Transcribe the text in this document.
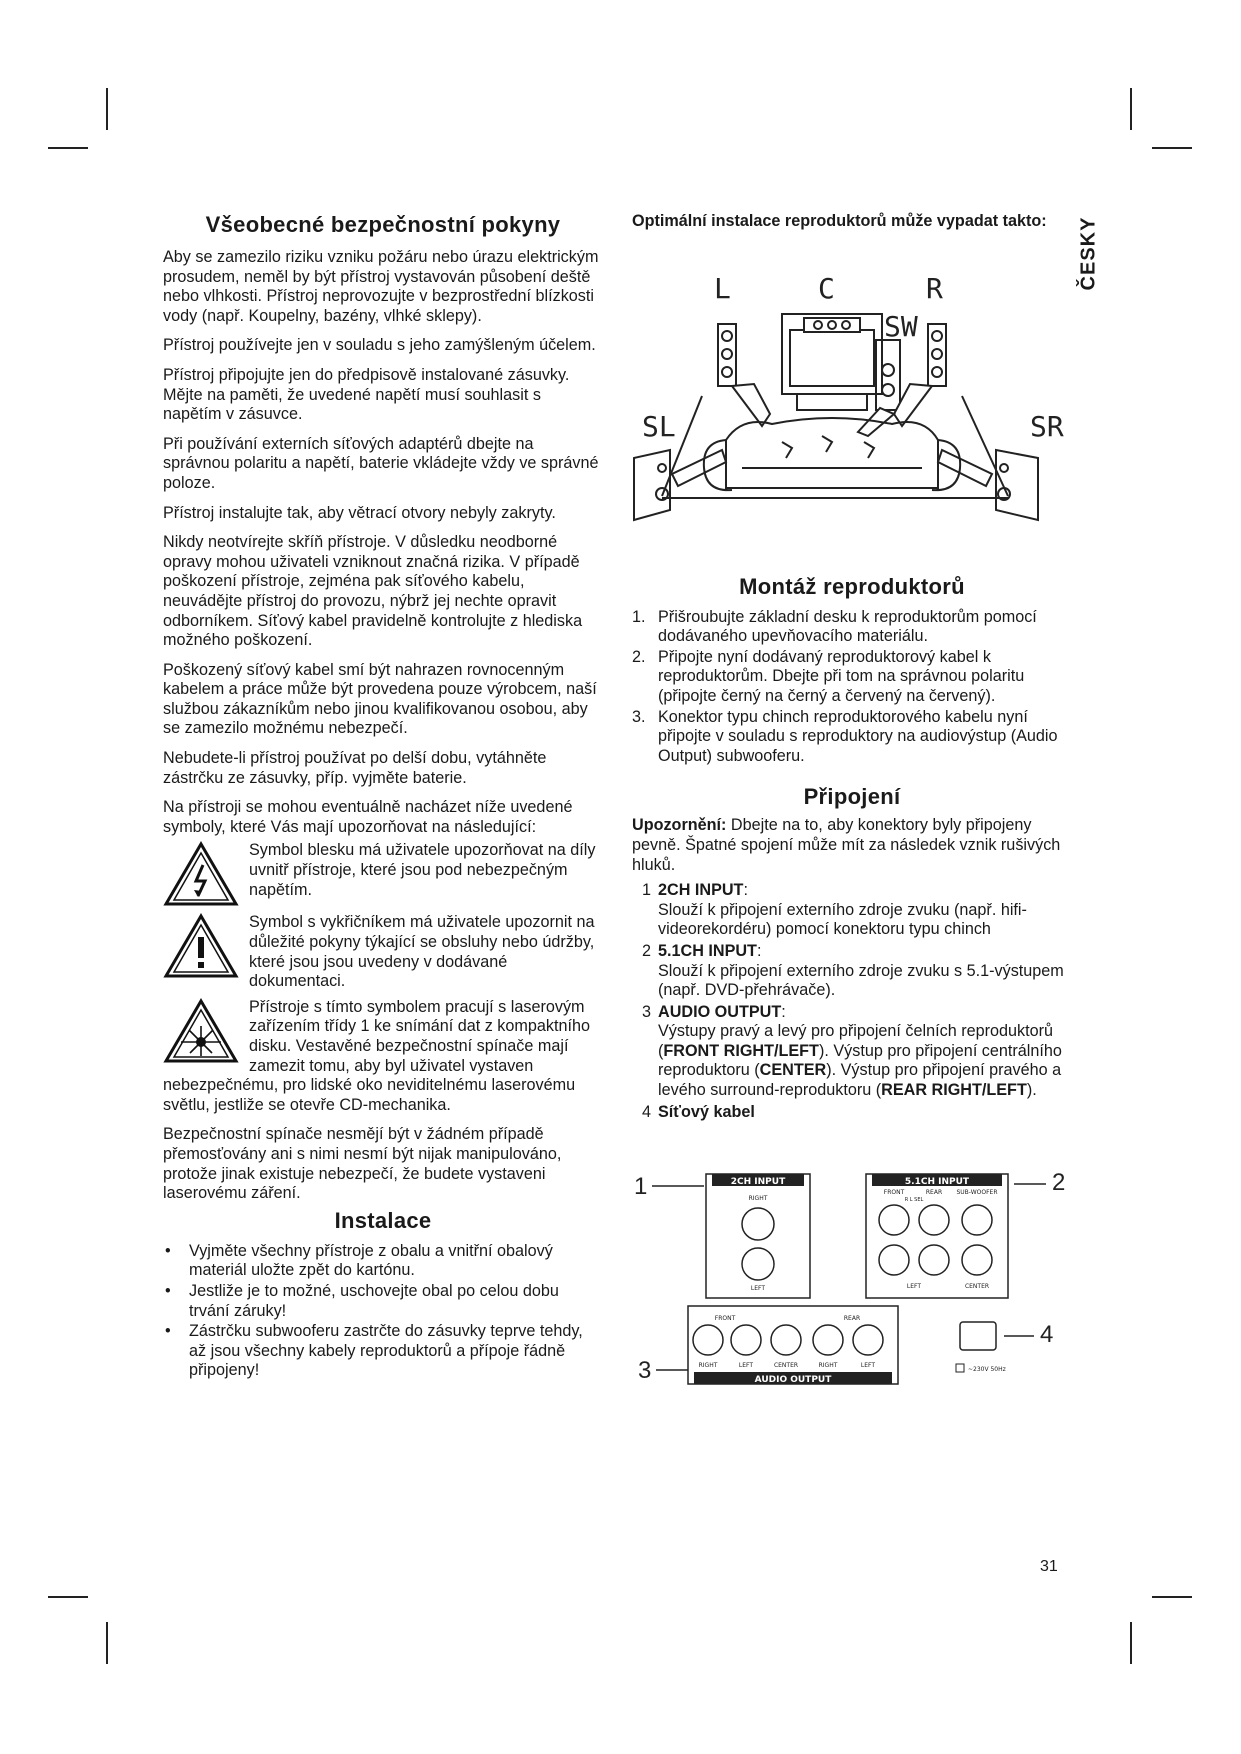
ČESKY
Všeobecné bezpečnostní pokyny

Aby se zamezilo riziku vzniku požáru nebo úrazu elektrickým prosudem, neměl by být přístroj vystavován působení deště nebo vlhkosti. Přístroj neprovozujte v bezprostřední blízkosti vody (např. Koupelny, bazény, vlhké sklepy).

Přístroj používejte jen v souladu s jeho zamýšleným účelem.

Přístroj připojujte jen do předpisově instalované zásuvky. Mějte na paměti, že uvedené napětí musí souhlasit s napětím v zásuvce.

Při používání externích síťových adaptérů dbejte na správnou polaritu a napětí, baterie vkládejte vždy ve správné poloze.

Přístroj instalujte tak, aby větrací otvory nebyly zakryty.

Nikdy neotvírejte skříň přístroje. V důsledku neodborné opravy mohou uživateli vzniknout značná rizika. V případě poškození přístroje, zejména pak síťového kabelu, neuvádějte přístroj do provozu, nýbrž jej nechte opravit odborníkem. Síťový kabel pravidelně kontrolujte z hlediska možného poškození.

Poškozený síťový kabel smí být nahrazen rovnocenným kabelem a práce může být provedena pouze výrobcem, naší službou zákazníkům nebo jinou kvalifikovanou osobou, aby se zamezilo možnému nebezpečí.

Nebudete-li přístroj používat po delší dobu, vytáhněte zástrčku ze zásuvky, příp. vyjměte baterie.

Na přístroji se mohou eventuálně nacházet níže uvedené symboly, které Vás mají upozorňovat na následující:

Symbol blesku má uživatele upozorňovat na díly uvnitř přístroje, které jsou pod nebezpečným napětím.
Symbol s vykřičníkem má uživatele upozornit na důležité pokyny týkající se obsluhy nebo údržby, které jsou jsou uvedeny v dodávané dokumentaci.
Přístroje s tímto symbolem pracují s laserovým zařízením třídy 1 ke snímání dat z kompaktního disku. Vestavěné bezpečnostní spínače mají zamezit tomu, aby byl uživatel vystaven nebezpečnému, pro lidské oko neviditelnému laserovému světlu, jestliže se otevře CD-mechanika.

Bezpečnostní spínače nesmějí být v žádném případě přemosťovány ani s nimi nesmí být nijak manipulováno, protože jinak existuje nebezpečí, že budete vystaveni laserovému záření.

Instalace
• Vyjměte všechny přístroje z obalu a vnitřní obalový materiál uložte zpět do kartónu.
• Jestliže je to možné, uschovejte obal po celou dobu trvání záruky!
• Zástrčku subwooferu zastrčte do zásuvky teprve tehdy, až jsou všechny kabely reproduktorů a přípoje řádně připojeny!
Optimální instalace reproduktorů může vypadat takto:
L	C	R
SW
SL	SR
Montáž reproduktorů
1. Přišroubujte základní desku k reproduktorům pomocí dodávaného upevňovacího materiálu.
2. Připojte nyní dodávaný reproduktorový kabel k reproduktorům. Dbejte při tom na správnou polaritu (připojte černý na černý a červený na červený).
3. Konektor typu chinch reproduktorového kabelu nyní připojte v souladu s reproduktory na audiovýstup (Audio Output) subwooferu.
Připojení

Upozornění: Dbejte na to, aby konektory byly připojeny pevně. Špatné spojení může mít za následek vznik rušivých hluků.

1 2CH INPUT:
Slouží k připojení externího zdroje zvuku (např. hifi-videorekordéru) pomocí konektoru typu chinch
2 5.1CH INPUT:
Slouží k připojení externího zdroje zvuku s 5.1-výstupem (např. DVD-přehrávače).
3 AUDIO OUTPUT:
Výstupy pravý a levý pro připojení čelních reproduktorů (FRONT RIGHT/LEFT). Výstup pro připojení centrálního reproduktoru (CENTER). Výstup pro připojení pravého a levého surround-reproduktoru (REAR RIGHT/LEFT).
4 Síťový kabel
1	2
3
4
2CH INPUT
RIGHT
LEFT
5.1CH INPUT
FRONT	REAR SUB-WOOFER
R L SEL
LEFT	CENTER
FRONT	REAR
RIGHT	LEFT	CENTER	RIGHT	LEFT
AUDIO OUTPUT
~230V 50Hz
31
